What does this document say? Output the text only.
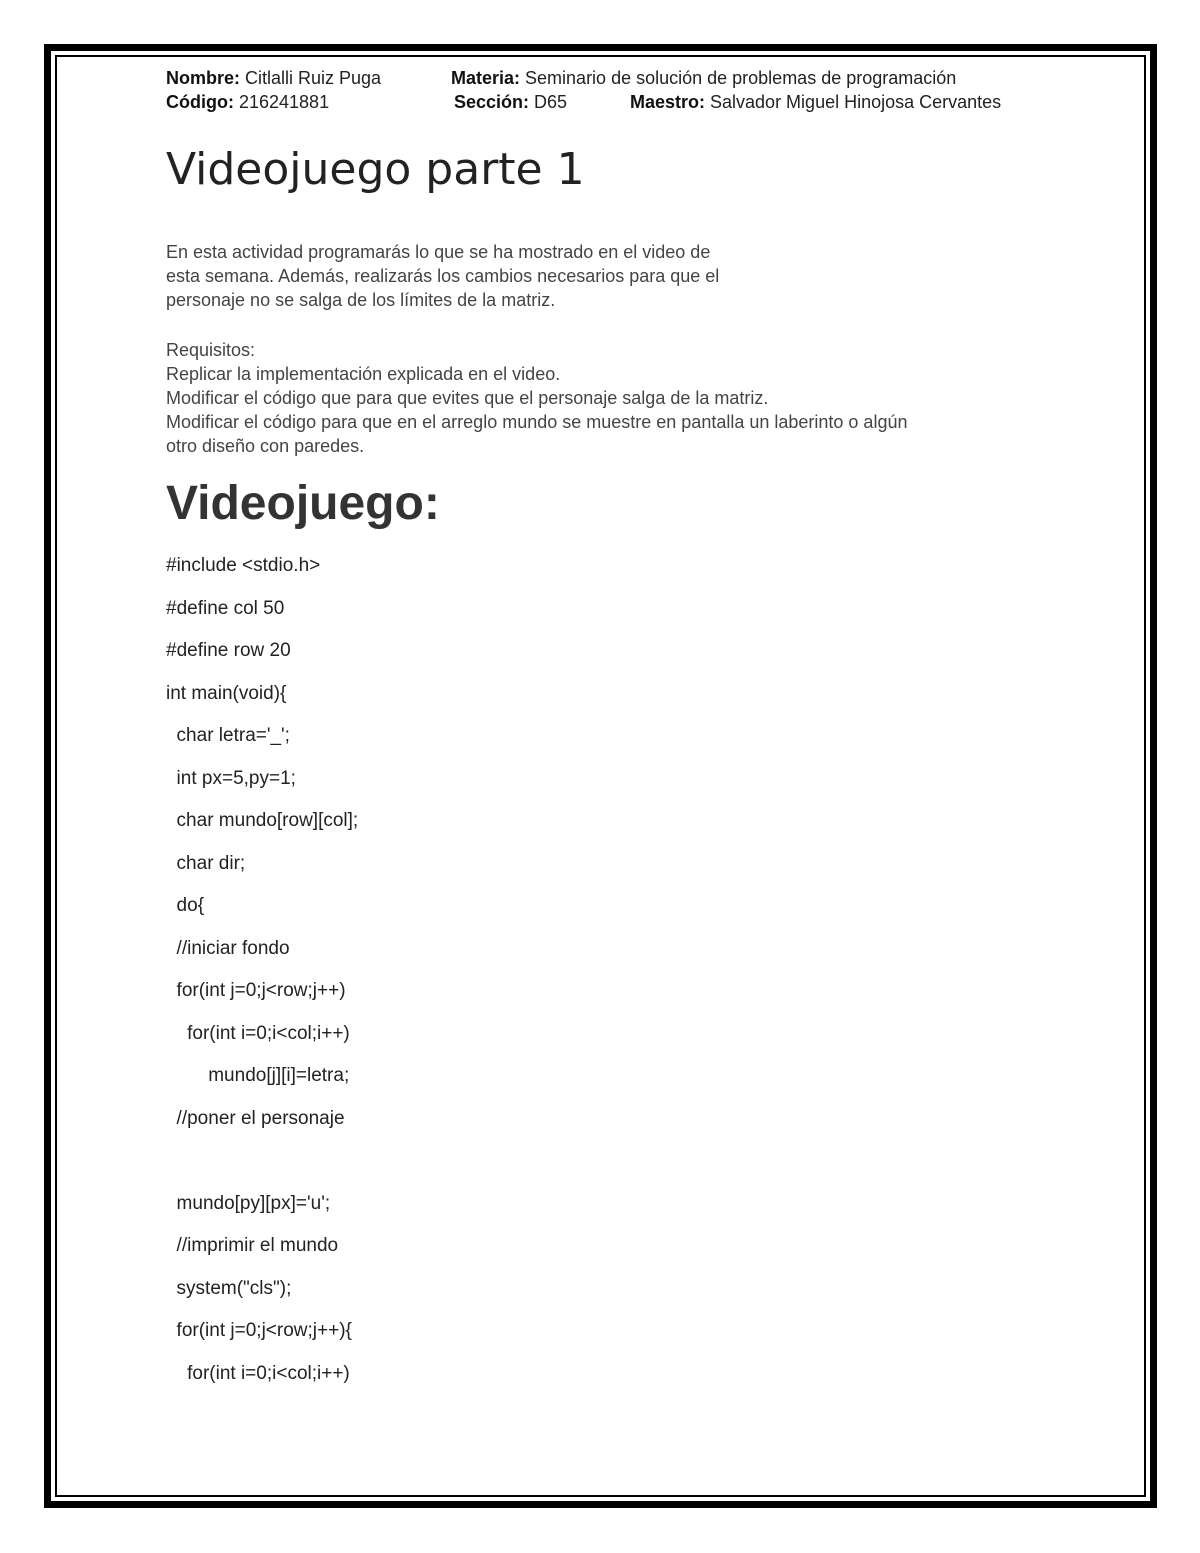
Nombre: Citlalli Ruiz Puga	Materia: Seminario de solución de problemas de programación
Código: 216241881	Sección: D65	Maestro: Salvador Miguel Hinojosa Cervantes
Videojuego parte 1
En esta actividad programarás lo que se ha mostrado en el video de
esta semana. Además, realizarás los cambios necesarios para que el
personaje no se salga de los límites de la matriz.
Requisitos:
Replicar la implementación explicada en el video.
Modificar el código que para que evites que el personaje salga de la matriz.
Modificar el código para que en el arreglo mundo se muestre en pantalla un laberinto o algún
otro diseño con paredes.
Videojuego:
#include <stdio.h>
#define col 50
#define row 20
int main(void){
char letra='_';
int px=5,py=1;
char mundo[row][col];
char dir;
do{
//iniciar fondo
for(int j=0;j<row;j++)
for(int i=0;i<col;i++)
mundo[j][i]=letra;
//poner el personaje
mundo[py][px]='u';
//imprimir el mundo
system("cls");
for(int j=0;j<row;j++){
for(int i=0;i<col;i++)
